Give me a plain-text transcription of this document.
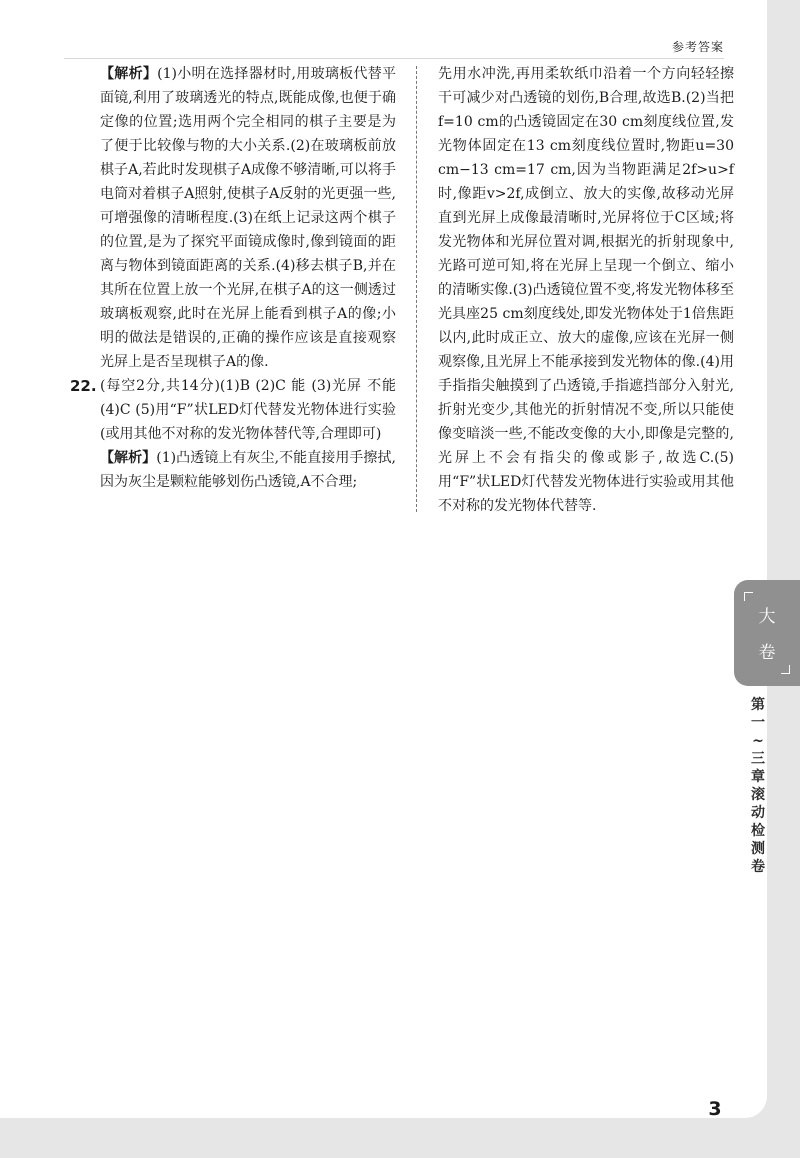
参考答案

【解析】(1)小明在选择器材时,用玻璃板代替平面镜,利用了玻璃透光的特点,既能成像,也便于确定像的位置;选用两个完全相同的棋子主要是为了便于比较像与物的大小关系.(2)在玻璃板前放棋子A,若此时发现棋子A成像不够清晰,可以将手电筒对着棋子A照射,使棋子A反射的光更强一些,可增强像的清晰程度.(3)在纸上记录这两个棋子的位置,是为了探究平面镜成像时,像到镜面的距离与物体到镜面距离的关系.(4)移去棋子B,并在其所在位置上放一个光屏,在棋子A的这一侧透过玻璃板观察,此时在光屏上能看到棋子A的像;小明的做法是错误的,正确的操作应该是直接观察光屏上是否呈现棋子A的像.

22. (每空2分,共14分)(1)B (2)C 能 (3)光屏 不能 (4)C (5)用“F”状LED灯代替发光物体进行实验(或用其他不对称的发光物体替代等,合理即可)

【解析】(1)凸透镜上有灰尘,不能直接用手擦拭,因为灰尘是颗粒能够划伤凸透镜,A不合理;

先用水冲洗,再用柔软纸巾沿着一个方向轻轻擦干可减少对凸透镜的划伤,B合理,故选B.(2)当把f=10 cm的凸透镜固定在30 cm刻度线位置,发光物体固定在13 cm刻度线位置时,物距u=30 cm−13 cm=17 cm,因为当物距满足2f>u>f时,像距v>2f,成倒立、放大的实像,故移动光屏直到光屏上成像最清晰时,光屏将位于C区域;将发光物体和光屏位置对调,根据光的折射现象中,光路可逆可知,将在光屏上呈现一个倒立、缩小的清晰实像.(3)凸透镜位置不变,将发光物体移至光具座25 cm刻度线处,即发光物体处于1倍焦距以内,此时成正立、放大的虚像,应该在光屏一侧观察像,且光屏上不能承接到发光物体的像.(4)用手指指尖触摸到了凸透镜,手指遮挡部分入射光,折射光变少,其他光的折射情况不变,所以只能使像变暗淡一些,不能改变像的大小,即像是完整的,光屏上不会有指尖的像或影子,故选C.(5)用“F”状LED灯代替发光物体进行实验或用其他不对称的发光物体代替等.

3
大
卷
第
一
~
三
章
滚
动
检
测
卷
